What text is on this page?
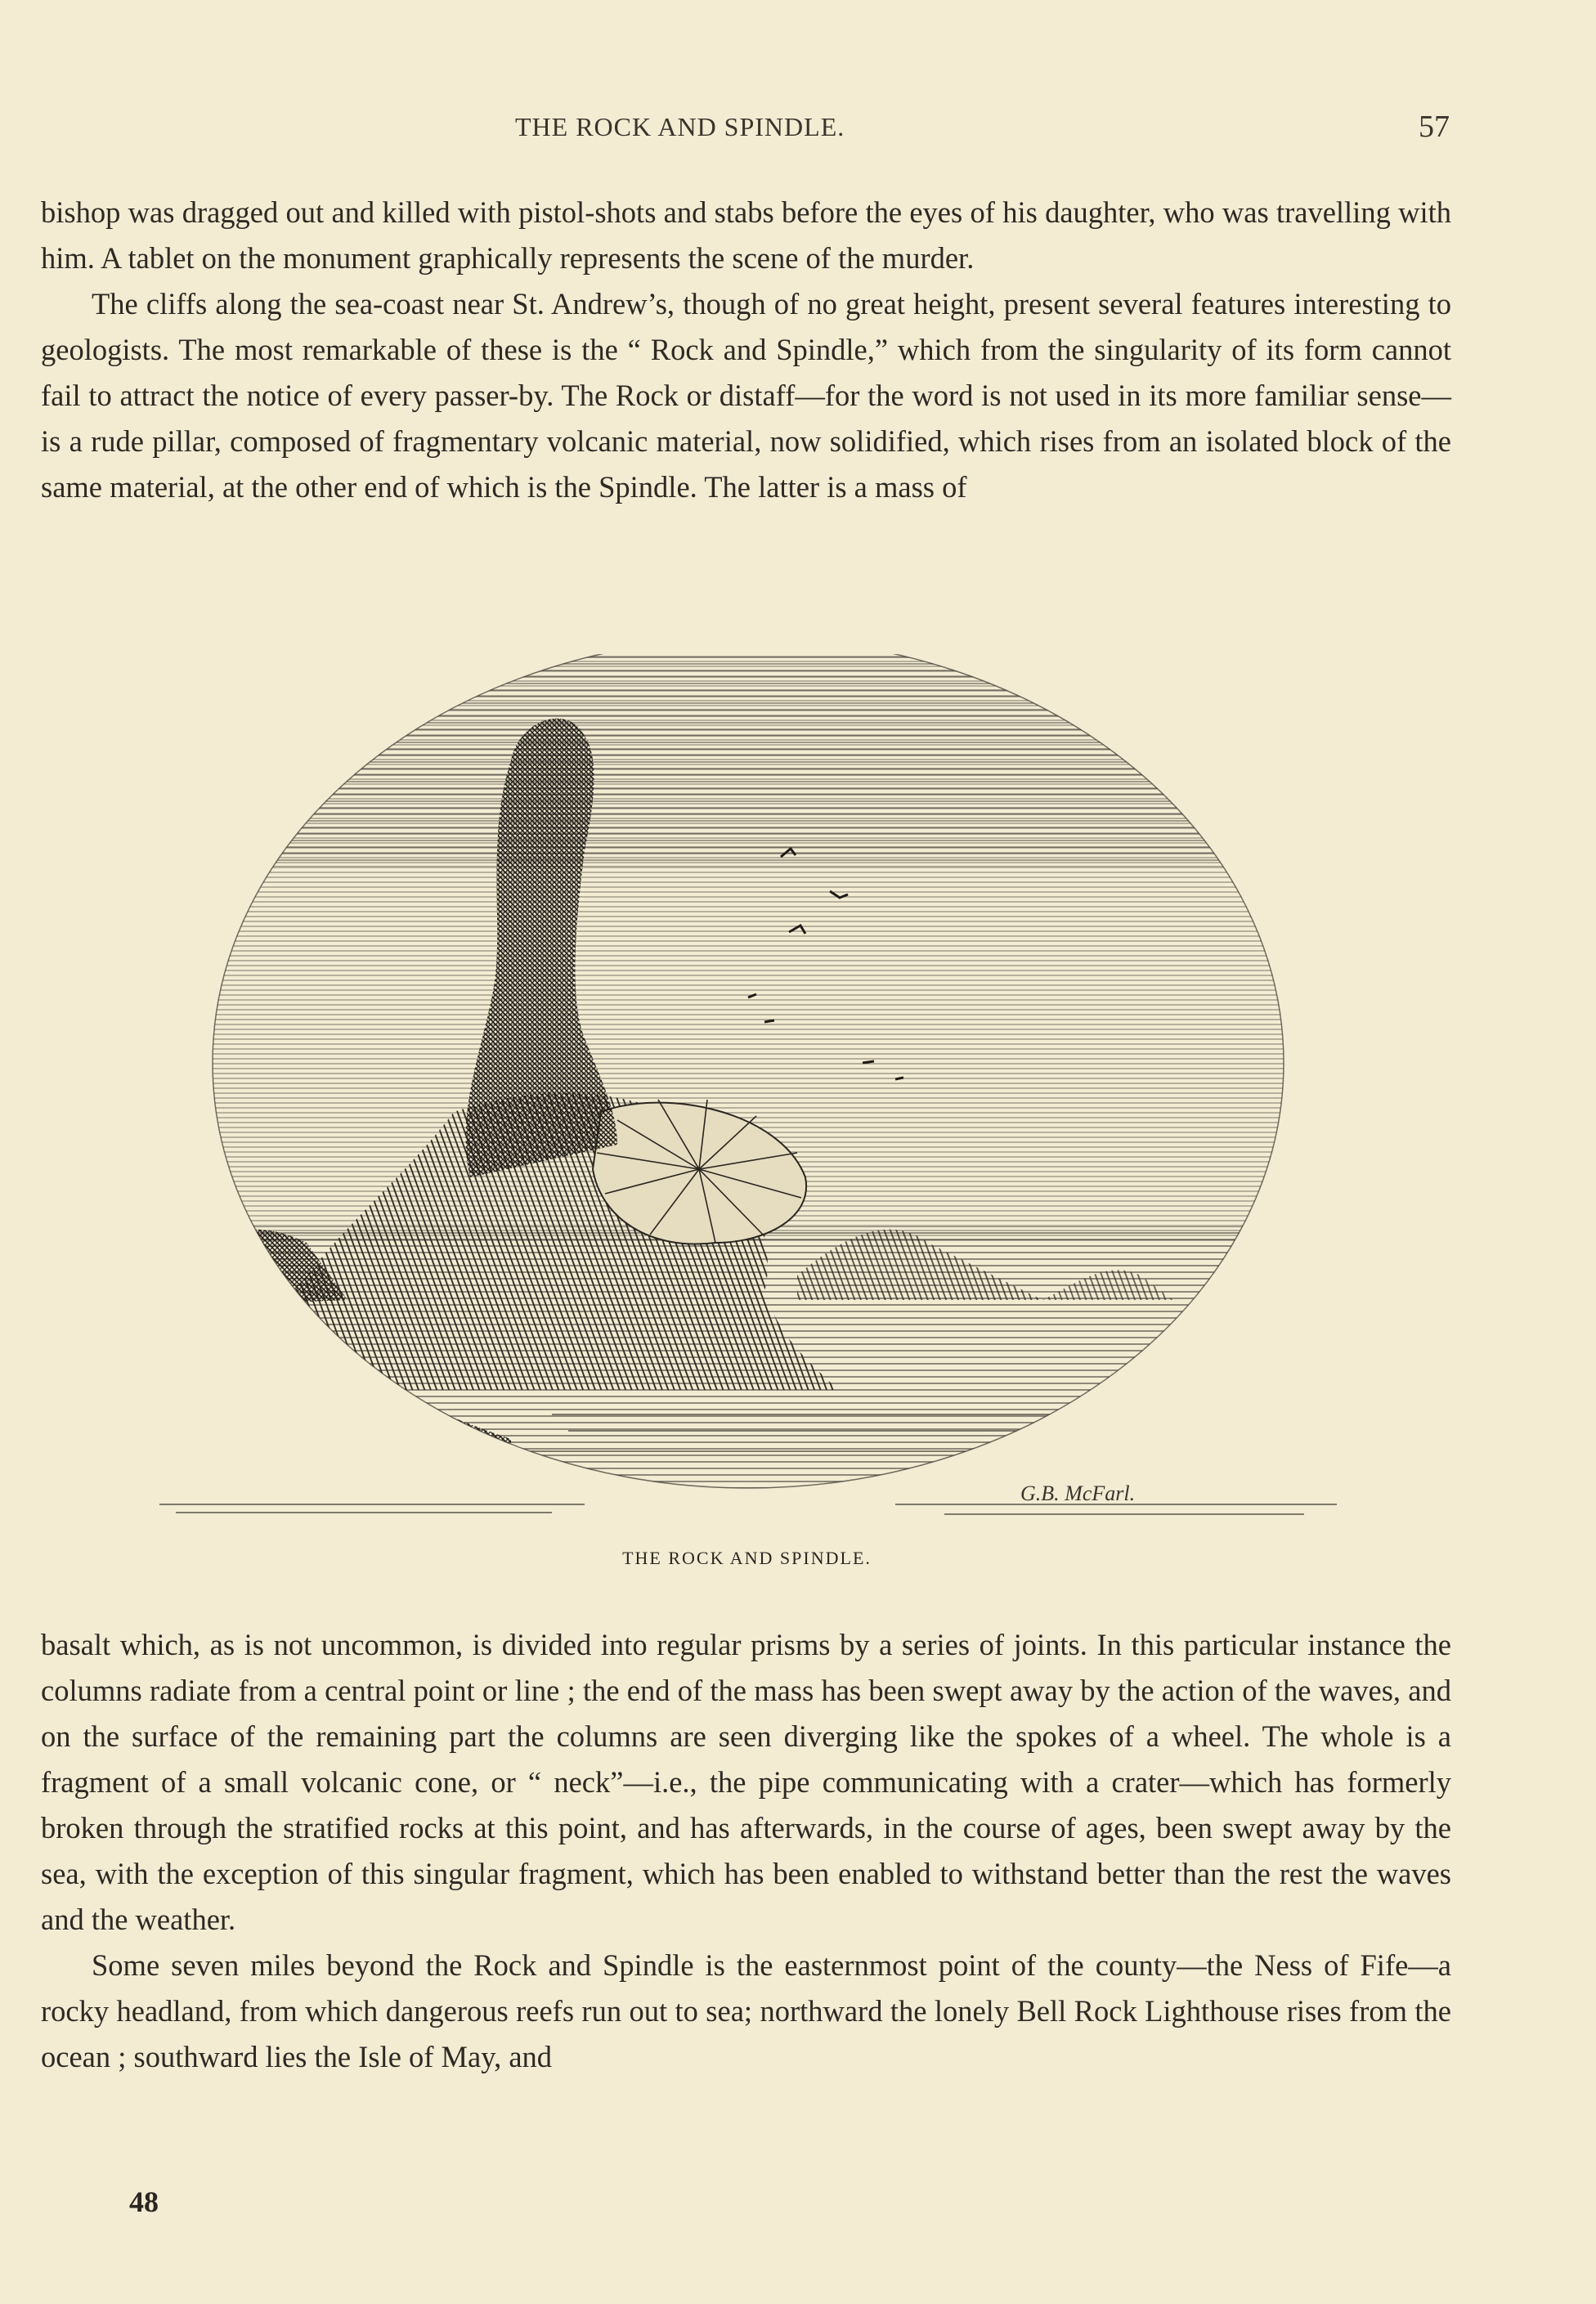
THE ROCK AND SPINDLE.	57

bishop was dragged out and killed with pistol-shots and stabs before the eyes of his daughter, who was travelling with him. A tablet on the monument graphically represents the scene of the murder.

The cliffs along the sea-coast near St. Andrew’s, though of no great height, present several features interesting to geologists. The most remarkable of these is the “ Rock and Spindle,” which from the singularity of its form cannot fail to attract the notice of every passer-by. The Rock or distaff—for the word is not used in its more familiar sense—is a rude pillar, composed of fragmentary volcanic material, now solidified, which rises from an isolated block of the same material, at the other end of which is the Spindle. The latter is a mass of

G.B. McFarl.
THE ROCK AND SPINDLE.

basalt which, as is not uncommon, is divided into regular prisms by a series of joints. In this particular instance the columns radiate from a central point or line ; the end of the mass has been swept away by the action of the waves, and on the surface of the remaining part the columns are seen diverging like the spokes of a wheel. The whole is a fragment of a small volcanic cone, or “ neck”—i.e., the pipe communicating with a crater—which has formerly broken through the stratified rocks at this point, and has afterwards, in the course of ages, been swept away by the sea, with the exception of this singular fragment, which has been enabled to withstand better than the rest the waves and the weather.

Some seven miles beyond the Rock and Spindle is the easternmost point of the county—the Ness of Fife—a rocky headland, from which dangerous reefs run out to sea; northward the lonely Bell Rock Lighthouse rises from the ocean ; southward lies the Isle of May, and

48
